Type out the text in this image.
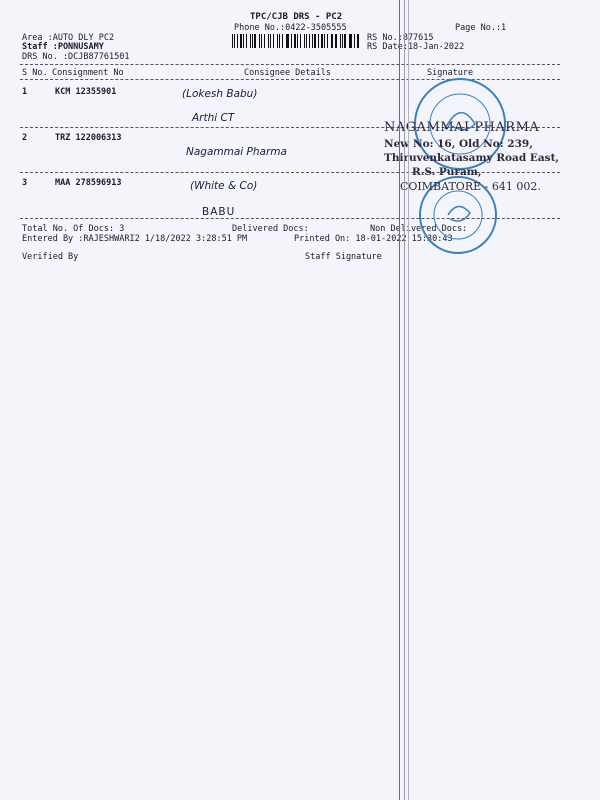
TPC/CJB DRS - PC2
Phone No.:0422-3505555	Page No.:1
Area :AUTO DLY PC2
Staff :PONNUSAMY
DRS No. :DCJB87761501
RS No.:877615
RS Date:18-Jan-2022
S No. Consignment No	Consignee Details	Signature
1	KCM 12355901	(Lokesh Babu)
Arthi CT
2	TRZ 122006313
Nagammai Pharma
3	MAA 278596913	(White & Co)
BABU
Total No. Of Docs: 3	Delivered Docs:	Non Delivered Docs:
Entered By :RAJESHWARI2 1/18/2022 3:28:51 PM	Printed On: 18-01-2022 15:30:43
Verified By	Staff Signature
NAGAMMAI PHARMA
New No: 16, Old No: 239,
Thiruvenkatasamy Road East,
R.S. Puram,
COIMBATORE - 641 002.
